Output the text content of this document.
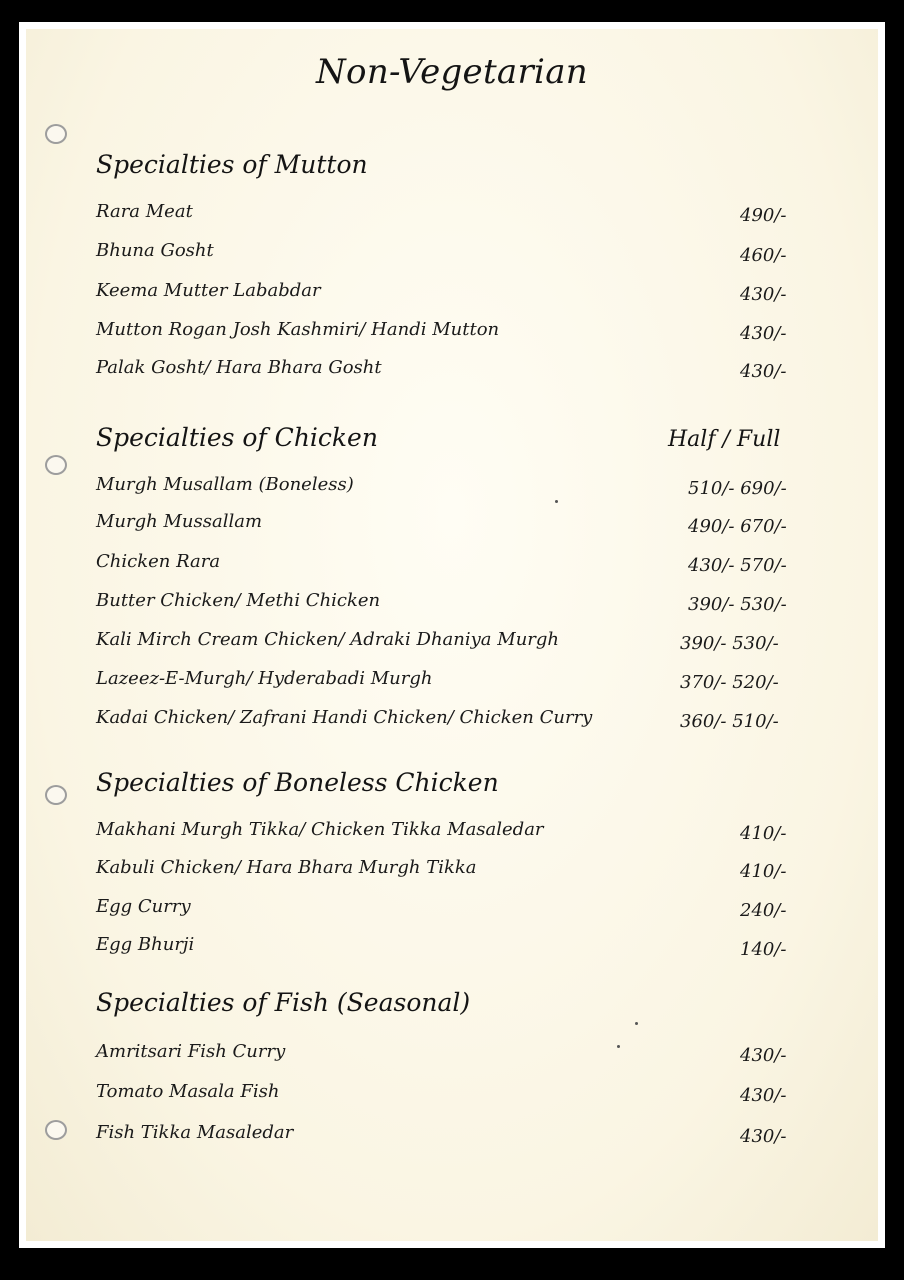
Non-Vegetarian
Specialties of Mutton
Rara Meat	490/-
Bhuna Gosht	460/-
Keema Mutter Lababdar	430/-
Mutton Rogan Josh Kashmiri/ Handi Mutton	430/-
Palak Gosht/ Hara Bhara Gosht	430/-
Specialties of Chicken	Half / Full
Murgh Musallam (Boneless)	510/- 690/-
Murgh Mussallam	490/- 670/-
Chicken Rara	430/- 570/-
Butter Chicken/ Methi Chicken	390/- 530/-
Kali Mirch Cream Chicken/ Adraki Dhaniya Murgh	390/- 530/-
Lazeez-E-Murgh/ Hyderabadi Murgh	370/- 520/-
Kadai Chicken/ Zafrani Handi Chicken/ Chicken Curry	360/- 510/-
Specialties of Boneless Chicken
Makhani Murgh Tikka/ Chicken Tikka Masaledar	410/-
Kabuli Chicken/ Hara Bhara Murgh Tikka	410/-
Egg Curry	240/-
Egg Bhurji	140/-
Specialties of Fish (Seasonal)
Amritsari Fish Curry	430/-
Tomato Masala Fish	430/-
Fish Tikka Masaledar	430/-
